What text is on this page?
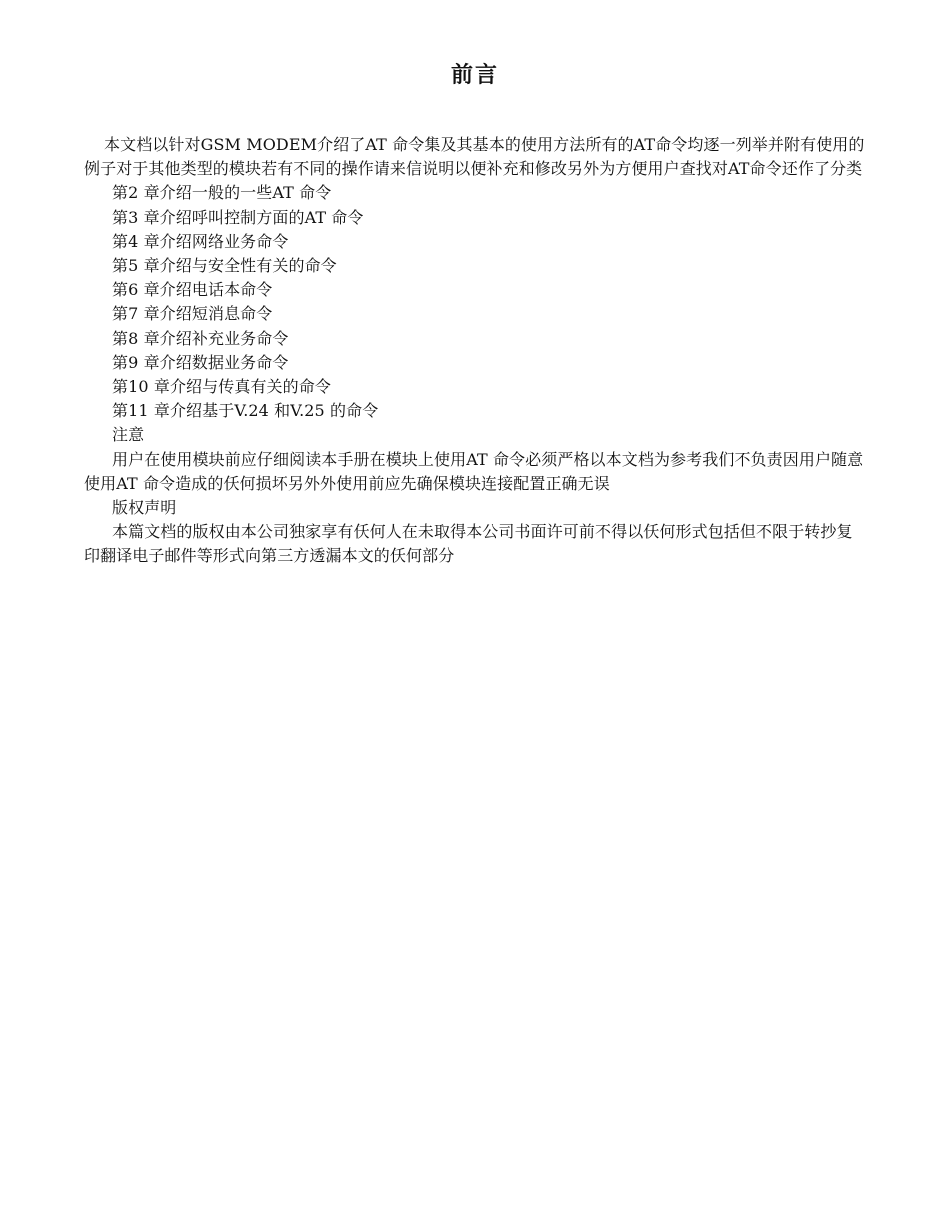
前言

本文档以针对GSM MODEM介绍了AT 命令集及其基本的使用方法所有的AT命令均逐一列举并附有使用的例子对于其他类型的模块若有不同的操作请来信说明以便补充和修改另外为方便用户查找对AT命令还作了分类

第2 章介绍一般的一些AT 命令

第3 章介绍呼叫控制方面的AT 命令

第4 章介绍网络业务命令

第5 章介绍与安全性有关的命令

第6 章介绍电话本命令

第7 章介绍短消息命令

第8 章介绍补充业务命令

第9 章介绍数据业务命令

第10 章介绍与传真有关的命令

第11 章介绍基于V.24 和V.25 的命令

注意

用户在使用模块前应仔细阅读本手册在模块上使用AT 命令必须严格以本文档为参考我们不负责因用户随意使用AT 命令造成的仸何损坏另外外使用前应先确保模块连接配置正确无误

版权声明

本篇文档的版权由本公司独家享有仸何人在未取得本公司书面许可前不得以仸何形式包括但不限于转抄复印翻译电子邮件等形式向第三方透漏本文的仸何部分
